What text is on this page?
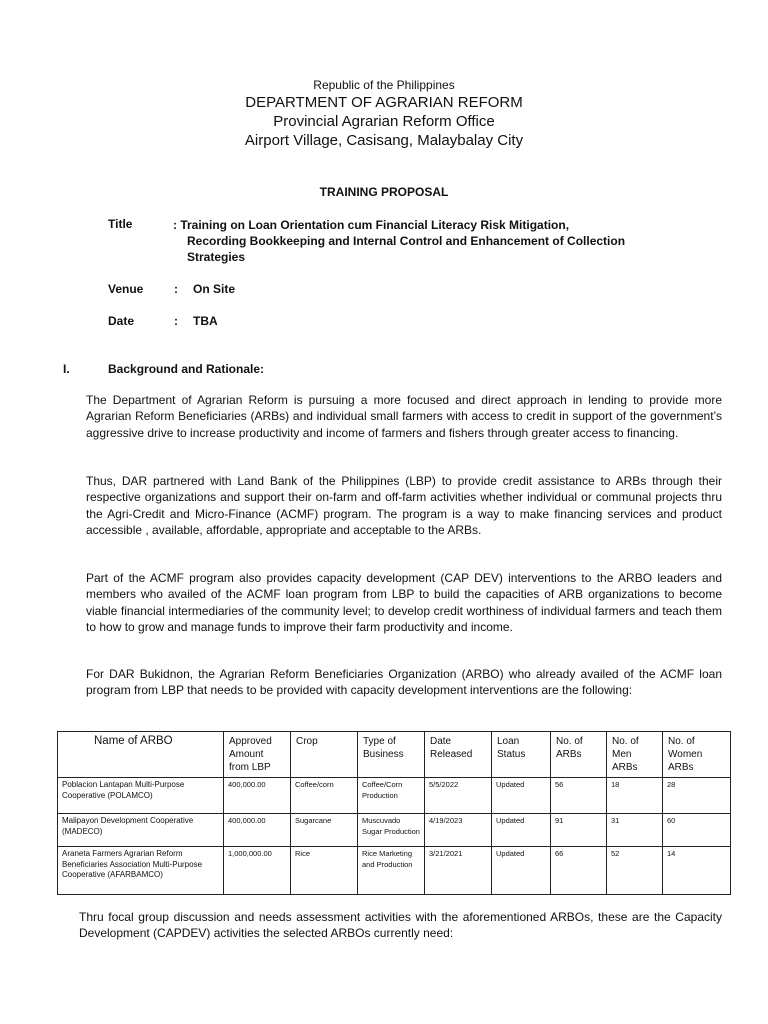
Republic of the Philippines
DEPARTMENT OF AGRARIAN REFORM
Provincial Agrarian Reform Office
Airport Village, Casisang, Malaybalay City
TRAINING PROPOSAL
Title	: Training on Loan Orientation cum Financial Literacy Risk Mitigation,
Recording Bookkeeping and Internal Control and Enhancement of Collection
Strategies
Venue	: On Site
Date	: TBA
I.	Background and Rationale:

The Department of Agrarian Reform is pursuing a more focused and direct approach in lending to provide more Agrarian Reform Beneficiaries (ARBs) and individual small farmers with access to credit in support of the government’s aggressive drive to increase productivity and income of farmers and fishers through greater access to financing.

Thus, DAR partnered with Land Bank of the Philippines (LBP) to provide credit assistance to ARBs through their respective organizations and support their on-farm and off-farm activities whether individual or communal projects thru the Agri-Credit and Micro-Finance (ACMF) program. The program is a way to make financing services and product accessible , available, affordable, appropriate and acceptable to the ARBs.

Part of the ACMF program also provides capacity development (CAP DEV) interventions to the ARBO leaders and members who availed of the ACMF loan program from LBP to build the capacities of ARB organizations to become viable financial intermediaries of the community level; to develop credit worthiness of individual farmers and teach them to how to grow and manage funds to improve their farm productivity and income.

For DAR Bukidnon, the Agrarian Reform Beneficiaries Organization (ARBO) who already availed of the ACMF loan program from LBP that needs to be provided with capacity development interventions are the following:

Name of ARBO	Approved Amount from LBP	Crop	Type of Business	Date Released	Loan Status	No. of ARBs	No. of Men ARBs	No. of Women ARBs
Poblacion Lantapan Multi-Purpose Cooperative (POLAMCO)	400,000.00	Coffee/corn	Coffee/Corn Production	5/5/2022	Updated	56	18	28
Malipayon Development Cooperative (MADECO)	400,000.00	Sugarcane	Muscuvado Sugar Production	4/19/2023	Updated	91	31	60
Araneta Farmers Agrarian Reform Beneficiaries Association Multi-Purpose Cooperative (AFARBAMCO)	1,000,000.00	Rice	Rice Marketing and Production	3/21/2021	Updated	66	52	14

Thru focal group discussion and needs assessment activities with the aforementioned ARBOs, these are the Capacity Development (CAPDEV) activities the selected ARBOs currently need:
